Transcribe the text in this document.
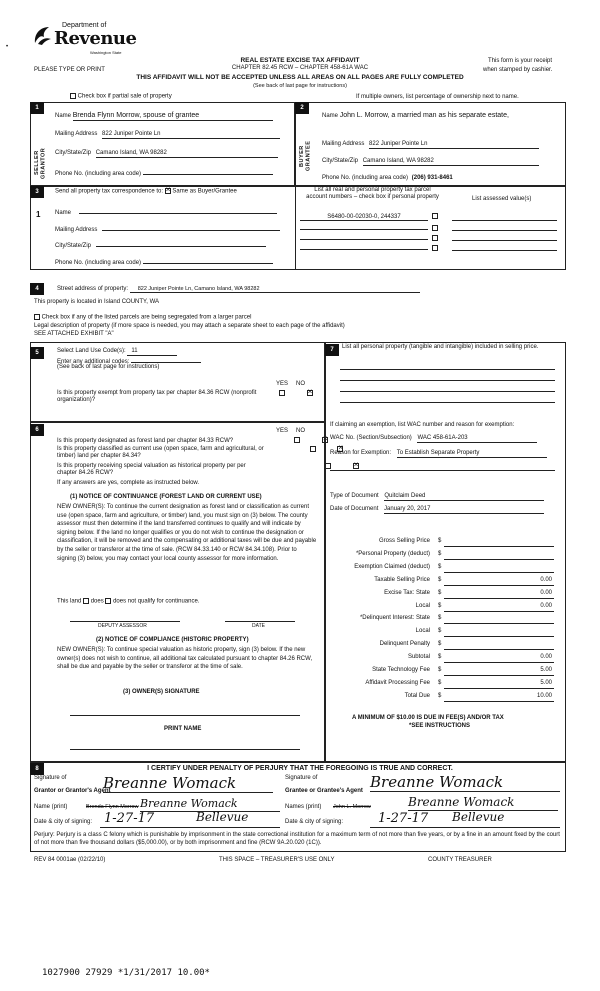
Department of
Revenue
Washington State
•
REAL ESTATE EXCISE TAX AFFIDAVIT
CHAPTER 82.45 RCW – CHAPTER 458-61A WAC
PLEASE TYPE OR PRINT
This form is your receipt
when stamped by cashier.
THIS AFFIDAVIT WILL NOT BE ACCEPTED UNLESS ALL AREAS ON ALL PAGES ARE FULLY COMPLETED
(See back of last page for instructions)
Check box if partial sale of property	If multiple owners, list percentage of ownership next to name.
1	2
SELLER GRANTOR	BUYER GRANTEE
Name Brenda Flynn Morrow, spouse of grantee
Mailing Address 822 Juniper Pointe Ln
City/State/Zip Camano Island, WA 98282
Phone No. (including area code)
Name John L. Morrow, a married man as his separate estate,
Mailing Address 822 Juniper Pointe Ln
City/State/Zip Camano Island, WA 98282
Phone No. (including area code) (206) 931-8461
3	Send all property tax correspondence to: × Same as Buyer/Grantee
1 Name
Mailing Address
City/State/Zip
Phone No. (including area code)
List all real and personal property tax parcel
account numbers – check box if personal property	List assessed value(s)
S6480-00-02030-0, 244337

4	Street address of property: 822 Juniper Pointe Ln, Camano Island, WA 98282
This property is located in Island COUNTY, WA
Check box if any of the listed parcels are being segregated from a larger parcel
Legal description of property (if more space is needed, you may attach a separate sheet to each page of the affidavit)
SEE ATTACHED EXHIBIT "A"
5	Select Land Use Code(s): 11
Enter any additional codes:
(See back of last page for instructions)
YES NO
Is this property exempt from property tax per chapter 84.36 RCW (nonprofit organization)?
×
6	YES NO
Is this property designated as forest land per chapter 84.33 RCW?
×
Is this property classified as current use (open space, farm and agricultural, or timber) land per chapter 84.34?
×
Is this property receiving special valuation as historical property per per chapter 84.26 RCW?
×
If any answers are yes, complete as instructed below.
(1) NOTICE OF CONTINUANCE (FOREST LAND OR CURRENT USE)
NEW OWNER(S): To continue the current designation as forest land or classification as current use (open space, farm and agriculture, or timber) land, you must sign on (3) below. The county assessor must then determine if the land transferred continues to qualify and will indicate by signing below. If the land no longer qualifies or you do not wish to continue the designation or classification, it will be removed and the compensating or additional taxes will be due and payable by the seller or transferor at the time of sale. (RCW 84.33.140 or RCW 84.34.108). Prior to signing (3) below, you may contact your local county assessor for more information.
This land does does not qualify for continuance.
DEPUTY ASSESSOR	DATE
(2) NOTICE OF COMPLIANCE (HISTORIC PROPERTY)
NEW OWNER(S): To continue special valuation as historic property, sign (3) below. If the new owner(s) does not wish to continue, all additional tax calculated pursuant to chapter 84.26 RCW, shall be due and payable by the seller or transferor at the time of sale.
(3) OWNER(S) SIGNATURE
PRINT NAME
7	List all personal property (tangible and intangible) included in selling price.
If claiming an exemption, list WAC number and reason for exemption:
WAC No. (Section/Subsection) WAC 458-61A-203
Reason for Exemption: To Establish Separate Property
Type of Document Quitclaim Deed
Date of Document January 20, 2017
Gross Selling Price $
*Personal Property (deduct) $
Exemption Claimed (deduct) $
Taxable Selling Price $	0.00
Excise Tax: State $	0.00
Local $	0.00
*Delinquent Interest: State $
Local $
Delinquent Penalty $
Subtotal $	0.00
State Technology Fee $	5.00
Affidavit Processing Fee $	5.00
Total Due $	10.00
A MINIMUM OF $10.00 IS DUE IN FEE(S) AND/OR TAX
*SEE INSTRUCTIONS
8	I CERTIFY UNDER PENALTY OF PERJURY THAT THE FOREGOING IS TRUE AND CORRECT.
Signature of
Grantor or Grantor's Agent
Breanne Womack
Name (print)	Brenda Flynn Morrow Breanne Womack
Date & city of signing: 1-27-17	Bellevue
Signature of
Grantee or Grantee's Agent Breanne Womack
Names (print) John L. Morrow	Breanne Womack
Date & city of signing:	1-27-17 Bellevue
Perjury: Perjury is a class C felony which is punishable by imprisonment in the state correctional institution for a maximum term of not more than five years, or by a fine in an amount fixed by the court of not more than five thousand dollars ($5,000.00), or by both imprisonment and fine (RCW 9A.20.020 (1C)).
REV 84 0001ae (02/22/10)	THIS SPACE – TREASURER'S USE ONLY	COUNTY TREASURER
1027900 27929 *1/31/2017 10.00*
